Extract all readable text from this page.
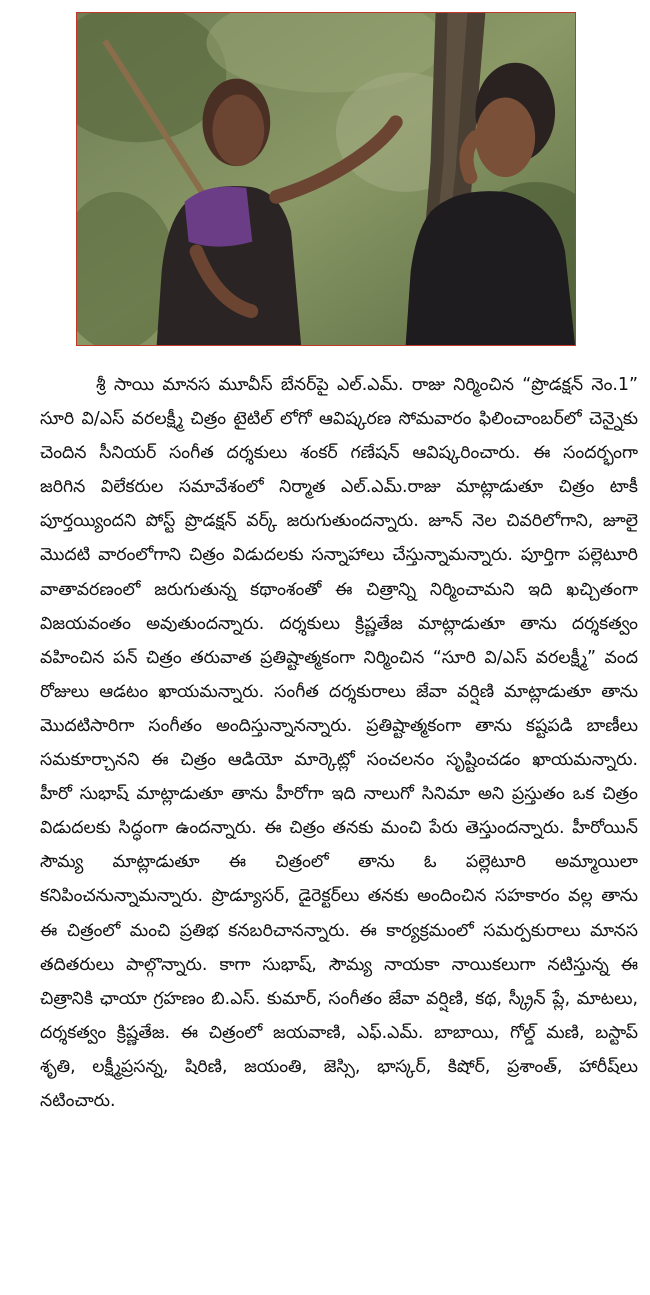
శ్రీ సాయి మానస మూవీస్ బేనర్‌పై ఎల్.ఎమ్. రాజు నిర్మించిన “ప్రొడక్షన్ నెం.1” సూరి వి/ఎస్ వరలక్ష్మీ చిత్రం టైటిల్ లోగో ఆవిష్కరణ సోమవారం ఫిలించాంబర్‌లో చెన్నైకు చెందిన సీనియర్ సంగీత దర్శకులు శంకర్ గణేషన్ ఆవిష్కరించారు. ఈ సందర్భంగా జరిగిన విలేకరుల సమావేశంలో నిర్మాత ఎల్.ఎమ్.రాజు మాట్లాడుతూ చిత్రం టాకీ పూర్తయ్యిందని పోస్ట్ ప్రొడక్షన్ వర్క్ జరుగుతుందన్నారు. జూన్ నెల చివరిలోగాని, జూలై మొదటి వారంలోగాని చిత్రం విడుదలకు సన్నాహాలు చేస్తున్నామన్నారు. పూర్తిగా పల్లెటూరి వాతావరణంలో జరుగుతున్న కథాంశంతో ఈ చిత్రాన్ని నిర్మించామని ఇది ఖచ్చితంగా విజయవంతం అవుతుందన్నారు. దర్శకులు క్రిష్ణతేజ మాట్లాడుతూ తాను దర్శకత్వం వహించిన పన్ చిత్రం తరువాత ప్రతిష్టాత్మకంగా నిర్మించిన “సూరి వి/ఎస్ వరలక్ష్మీ” వంద రోజులు ఆడటం ఖాయమన్నారు. సంగీత దర్శకురాలు జేవా వర్షిణి మాట్లాడుతూ తాను మొదటిసారిగా సంగీతం అందిస్తున్నానన్నారు. ప్రతిష్టాత్మకంగా తాను కష్టపడి బాణీలు సమకూర్చానని ఈ చిత్రం ఆడియో మార్కెట్లో సంచలనం సృష్టించడం ఖాయమన్నారు. హీరో సుభాష్ మాట్లాడుతూ తాను హీరోగా ఇది నాలుగో సినిమా అని ప్రస్తుతం ఒక చిత్రం విడుదలకు సిద్ధంగా ఉందన్నారు. ఈ చిత్రం తనకు మంచి పేరు తెస్తుందన్నారు. హీరోయిన్ సౌమ్య మాట్లాడుతూ ఈ చిత్రంలో తాను ఓ పల్లెటూరి అమ్మాయిలా కనిపించనున్నామన్నారు. ప్రొడ్యూసర్, డైరెక్టర్‌లు తనకు అందించిన సహకారం వల్ల తాను ఈ చిత్రంలో మంచి ప్రతిభ కనబరిచానన్నారు. ఈ కార్యక్రమంలో సమర్పకురాలు మానస తదితరులు పాల్గొన్నారు. కాగా సుభాష్, సౌమ్య నాయకా నాయికలుగా నటిస్తున్న ఈ చిత్రానికి ఛాయా గ్రహణం బి.ఎస్. కుమార్, సంగీతం జేవా వర్షిణి, కథ, స్క్రీన్ ప్లే, మాటలు, దర్శకత్వం క్రిష్ణతేజ. ఈ చిత్రంలో జయవాణి, ఎఫ్.ఎమ్. బాబాయి, గోల్డ్ మణి, బస్టాప్ శృతి, లక్ష్మీప్రసన్న, షిరిణి, జయంతి, జెస్సి, భాస్కర్, కిషోర్, ప్రశాంత్, హారీష్‌లు నటించారు.
